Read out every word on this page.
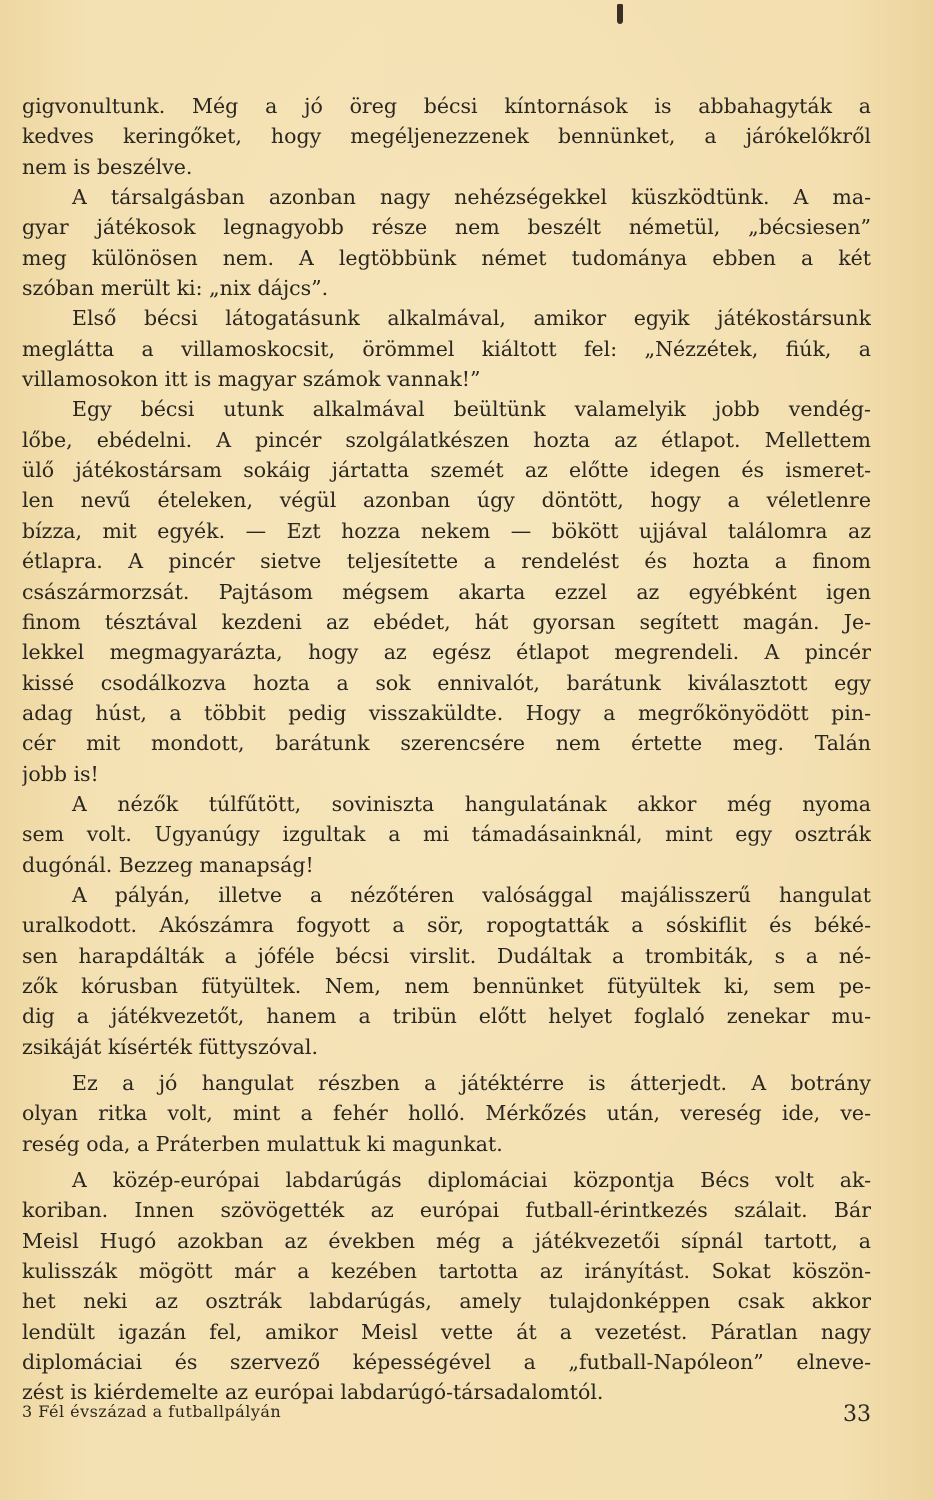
gigvonultunk. Még a jó öreg bécsi kíntornások is abbahagyták a
kedves keringőket, hogy megéljenezzenek bennünket, a járókelőkről
nem is beszélve.
A társalgásban azonban nagy nehézségekkel küszködtünk. A ma-
gyar játékosok legnagyobb része nem beszélt németül, „bécsiesen”
meg különösen nem. A legtöbbünk német tudománya ebben a két
szóban merült ki: „nix dájcs”.
Első bécsi látogatásunk alkalmával, amikor egyik játékostársunk
meglátta a villamoskocsit, örömmel kiáltott fel: „Nézzétek, fiúk, a
villamosokon itt is magyar számok vannak!”
Egy bécsi utunk alkalmával beültünk valamelyik jobb vendég-
lőbe, ebédelni. A pincér szolgálatkészen hozta az étlapot. Mellettem
ülő játékostársam sokáig jártatta szemét az előtte idegen és ismeret-
len nevű ételeken, végül azonban úgy döntött, hogy a véletlenre
bízza, mit egyék. — Ezt hozza nekem — bökött ujjával találomra az
étlapra. A pincér sietve teljesítette a rendelést és hozta a finom
császármorzsát. Pajtásom mégsem akarta ezzel az egyébként igen
finom tésztával kezdeni az ebédet, hát gyorsan segített magán. Je-
lekkel megmagyarázta, hogy az egész étlapot megrendeli. A pincér
kissé csodálkozva hozta a sok ennivalót, barátunk kiválasztott egy
adag húst, a többit pedig visszaküldte. Hogy a megrőkönyödött pin-
cér mit mondott, barátunk szerencsére nem értette meg. Talán
jobb is!
A nézők túlfűtött, soviniszta hangulatának akkor még nyoma
sem volt. Ugyanúgy izgultak a mi támadásainknál, mint egy osztrák
dugónál. Bezzeg manapság!
A pályán, illetve a nézőtéren valósággal majálisszerű hangulat
uralkodott. Akószámra fogyott a sör, ropogtatták a sóskiflit és béké-
sen harapdálták a jóféle bécsi virslit. Dudáltak a trombiták, s a né-
zők kórusban fütyültek. Nem, nem bennünket fütyültek ki, sem pe-
dig a játékvezetőt, hanem a tribün előtt helyet foglaló zenekar mu-
zsikáját kísérték füttyszóval.
Ez a jó hangulat részben a játéktérre is átterjedt. A botrány
olyan ritka volt, mint a fehér holló. Mérkőzés után, vereség ide, ve-
reség oda, a Práterben mulattuk ki magunkat.
A közép-európai labdarúgás diplomáciai központja Bécs volt ak-
koriban. Innen szövögették az európai futball-érintkezés szálait. Bár
Meisl Hugó azokban az években még a játékvezetői sípnál tartott, a
kulisszák mögött már a kezében tartotta az irányítást. Sokat köszön-
het neki az osztrák labdarúgás, amely tulajdonképpen csak akkor
lendült igazán fel, amikor Meisl vette át a vezetést. Páratlan nagy
diplomáciai és szervező képességével a „futball-Napóleon” elneve-
zést is kiérdemelte az európai labdarúgó-társadalomtól.
3 Fél évszázad a futballpályán	33
